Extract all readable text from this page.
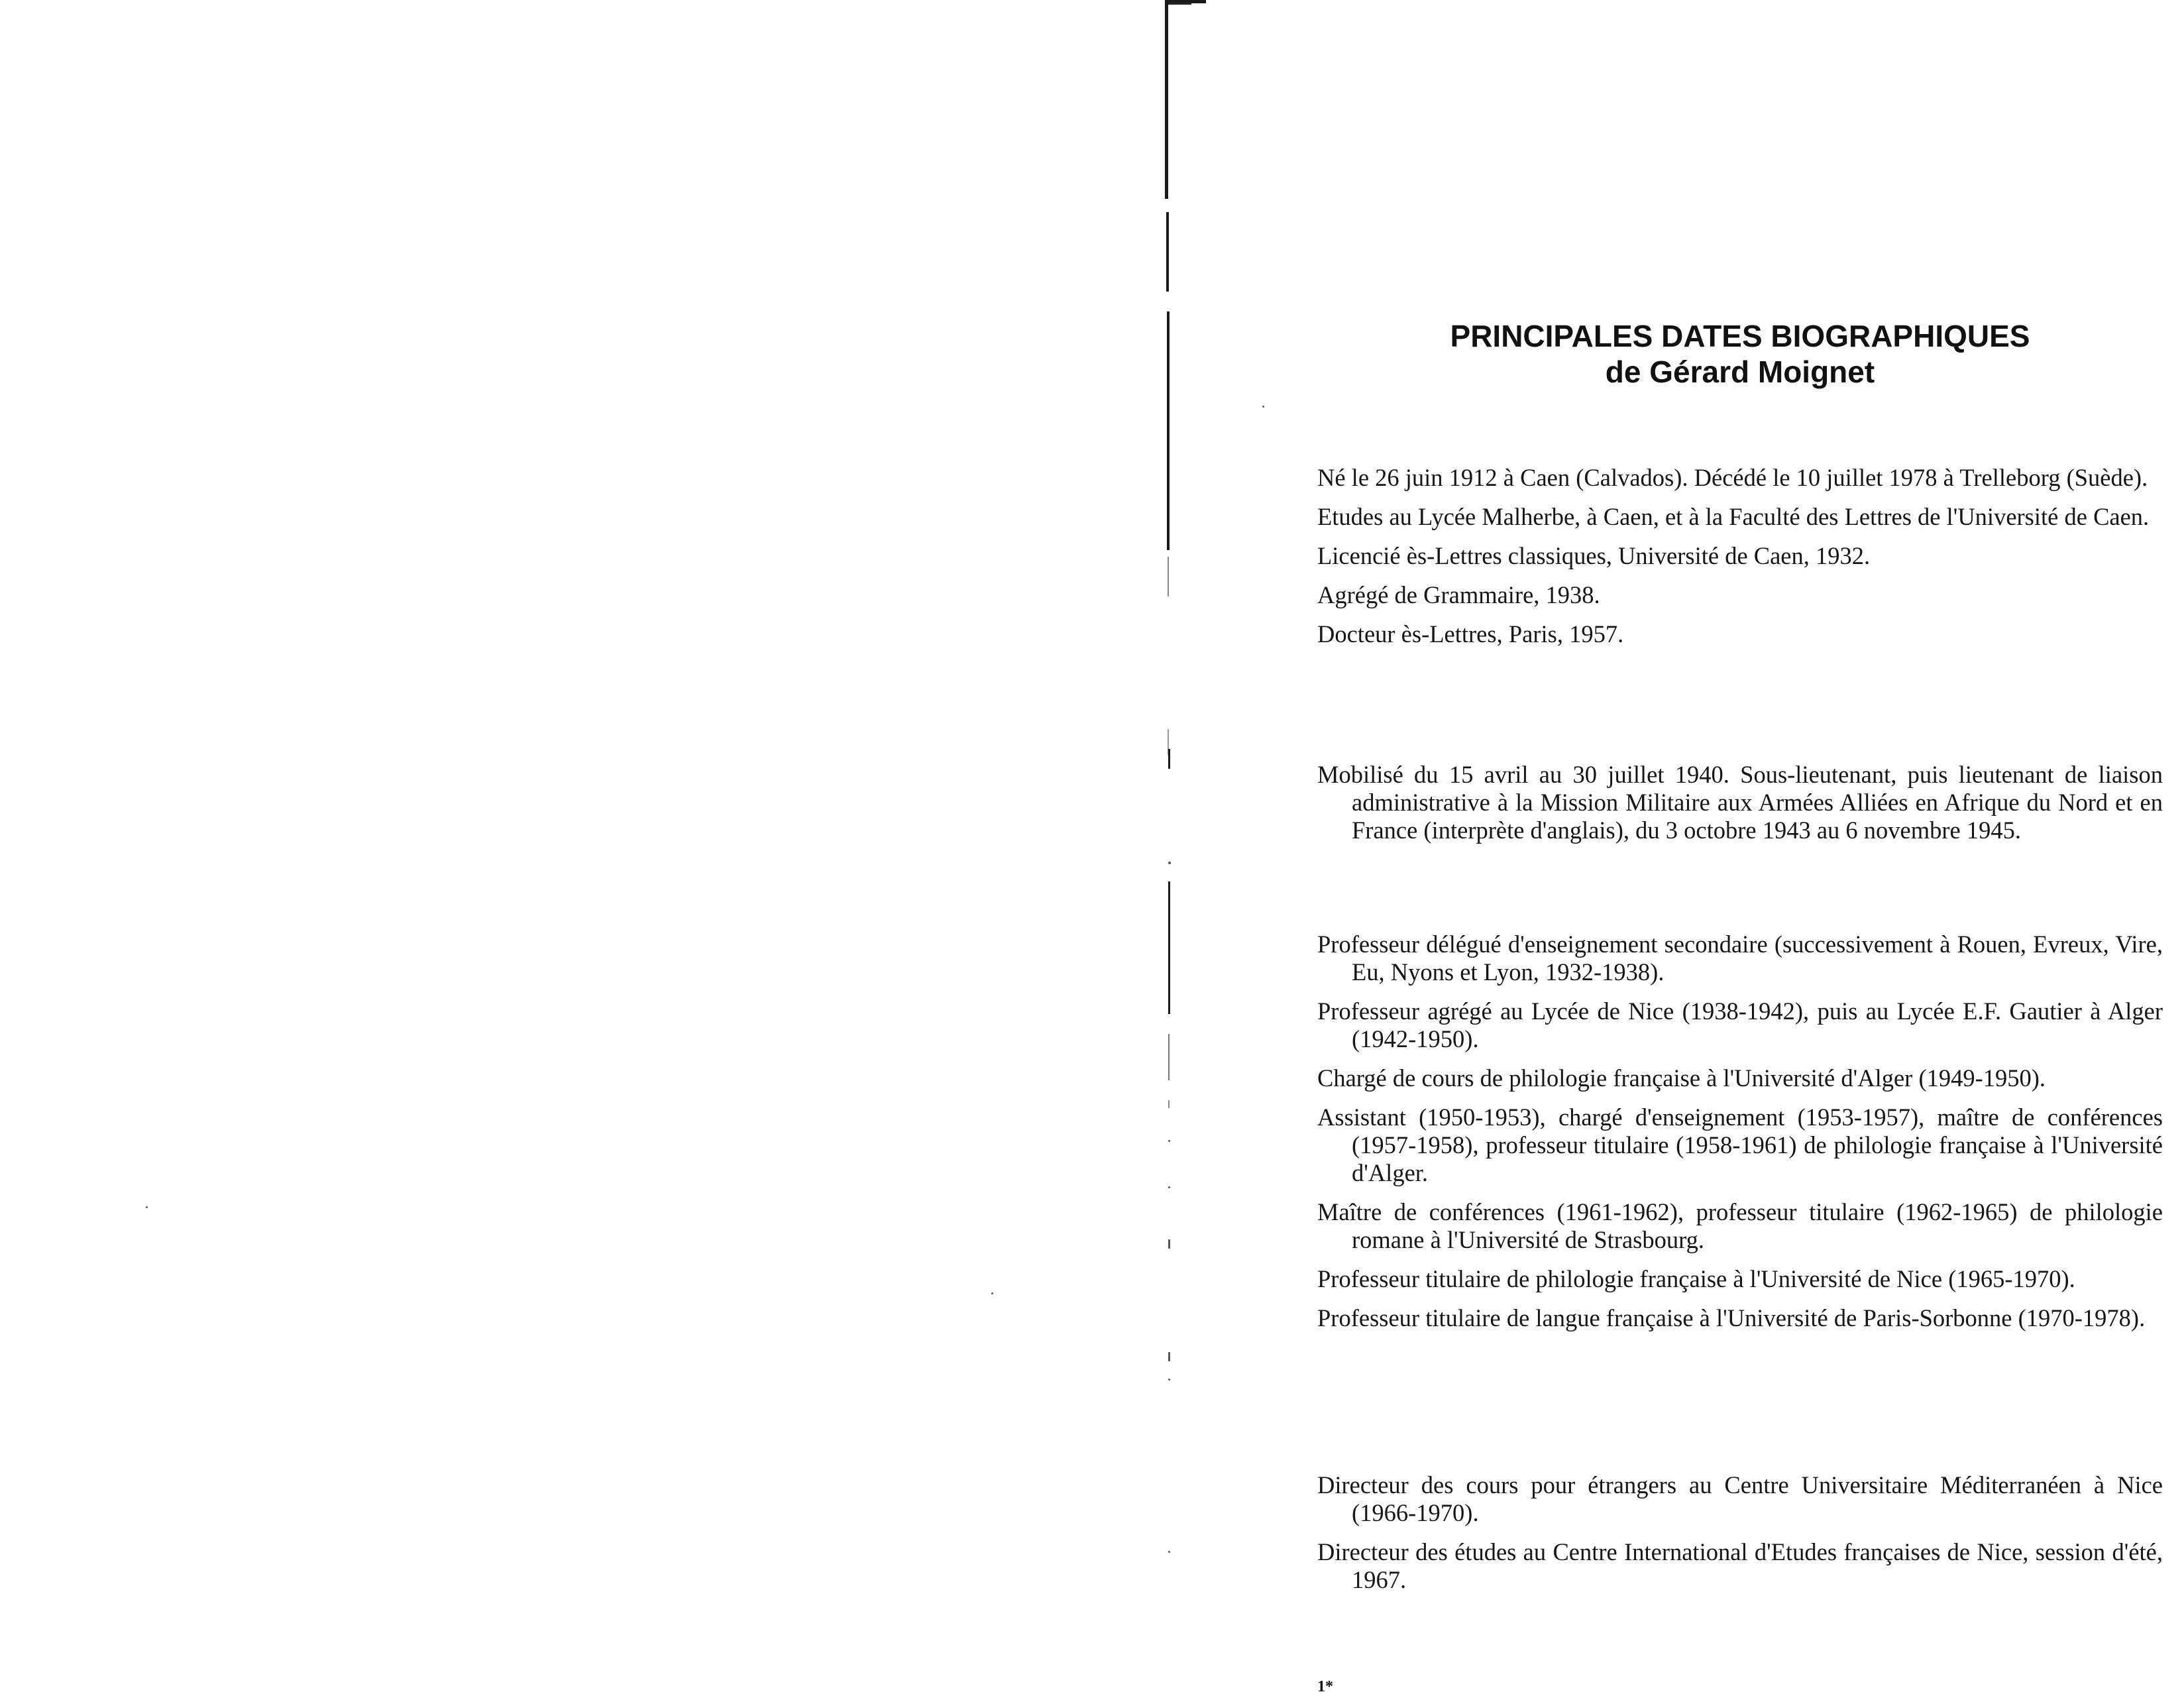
PRINCIPALES DATES BIOGRAPHIQUES
de Gérard Moignet

Né le 26 juin 1912 à Caen (Calvados). Décédé le 10 juillet 1978 à Trelleborg (Suède).

Etudes au Lycée Malherbe, à Caen, et à la Faculté des Lettres de l'Université de Caen.

Licencié ès-Lettres classiques, Université de Caen, 1932.

Agrégé de Grammaire, 1938.

Docteur ès-Lettres, Paris, 1957.

Mobilisé du 15 avril au 30 juillet 1940. Sous-lieutenant, puis lieutenant de liaison administrative à la Mission Militaire aux Armées Alliées en Afrique du Nord et en France (interprète d'anglais), du 3 octobre 1943 au 6 novembre 1945.

Professeur délégué d'enseignement secondaire (successivement à Rouen, Evreux, Vire, Eu, Nyons et Lyon, 1932-1938).

Professeur agrégé au Lycée de Nice (1938-1942), puis au Lycée E.F. Gautier à Alger (1942-1950).

Chargé de cours de philologie française à l'Université d'Alger (1949-1950).

Assistant (1950-1953), chargé d'enseignement (1953-1957), maître de conférences (1957-1958), professeur titulaire (1958-1961) de philologie française à l'Université d'Alger.

Maître de conférences (1961-1962), professeur titulaire (1962-1965) de philologie romane à l'Université de Strasbourg.

Professeur titulaire de philologie française à l'Université de Nice (1965-1970).

Professeur titulaire de langue française à l'Université de Paris-Sorbonne (1970-1978).

Directeur des cours pour étrangers au Centre Universitaire Méditerranéen à Nice (1966-1970).

Directeur des études au Centre International d'Etudes françaises de Nice, session d'été, 1967.

1*
